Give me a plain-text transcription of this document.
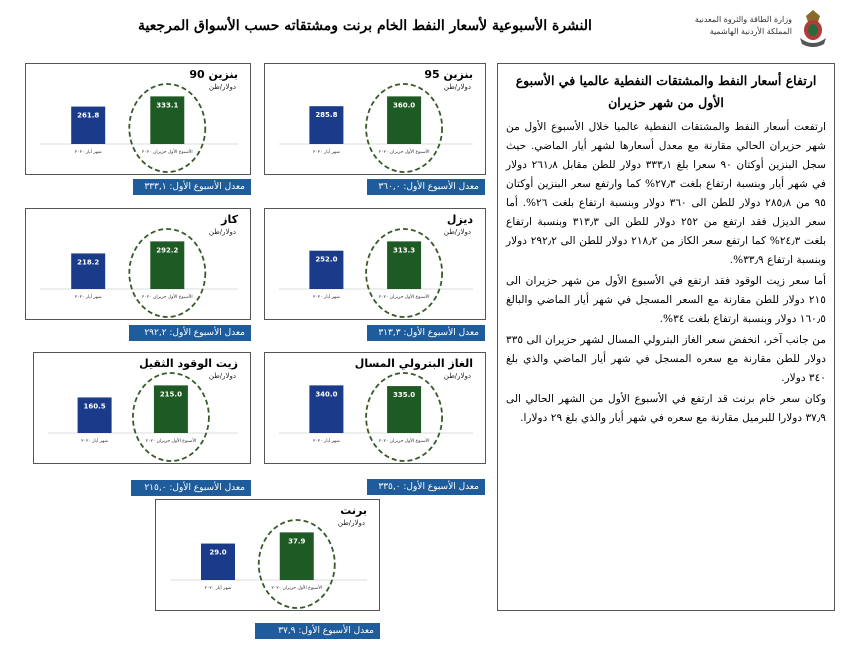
النشرة الأسبوعية لأسعار النفط الخام برنت ومشتقاته حسب الأسواق المرجعية	وزارة الطاقة والثروة المعدنية
المملكة الأردنية الهاشمية
بنزين 95
دولار/طن
285.8
شهر أيار ٢٠٢٠
360.0
الأسبوع الأول حزيران ٢٠٢٠
معدل الأسبوع الأول: ٣٦٠,٠
بنزين 90
دولار/طن
261.8
شهر أيار ٢٠٢٠
333.1
الأسبوع الأول حزيران ٢٠٢٠
معدل الأسبوع الأول: ٣٣٣,١
ديزل
دولار/طن
252.0
شهر أيار ٢٠٢٠
313.3
الأسبوع الأول حزيران ٢٠٢٠
معدل الأسبوع الأول: ٣١٣,٣
كاز
دولار/طن
218.2
شهر أيار ٢٠٢٠
292.2
الأسبوع الأول حزيران ٢٠٢٠
معدل الأسبوع الأول: ٢٩٢,٢
الغاز البترولي المسال
دولار/طن
340.0
شهر أيار ٢٠٢٠
335.0
الأسبوع الأول حزيران ٢٠٢٠
معدل الأسبوع الأول: ٣٣٥,٠
زيت الوقود الثقيل
دولار/طن
160.5
شهر أيار ٢٠٢٠
215.0
الأسبوع الأول حزيران ٢٠٢٠
معدل الأسبوع الأول: ٢١٥,٠
برنت
دولار/طن
29.0
شهر أيار ٢٠٢٠
37.9
الأسبوع الأول حزيران ٢٠٢٠
معدل الأسبوع الأول: ٣٧,٩
ارتفاع أسعار النفط والمشتقات النفطية عالميا في الأسبوع الأول من شهر حزيران

ارتفعت أسعار النفط والمشتقات النفطية عالميا خلال الأسبوع الأول من شهر حزيران الحالي مقارنة مع معدل أسعارها لشهر أيار الماضي. حيث سجل البنزين أوكتان ٩٠ سعرا بلغ ٣٣٣٫١ دولار للطن مقابل ٢٦١٫٨ دولار في شهر أيار وبنسبة ارتفاع بلغت ٢٧٫٣% كما وارتفع سعر البنزين أوكتان ٩٥ من ٢٨٥٫٨ دولار للطن الى ٣٦٠ دولار وبنسبة ارتفاع بلغت ٢٦%. أما سعر الديزل فقد ارتفع من ٢٥٢ دولار للطن الى ٣١٣٫٣ وبنسبة ارتفاع بلغت ٢٤٫٣% كما ارتفع سعر الكاز من ٢١٨٫٢ دولار للطن الى ٢٩٢٫٢ دولار وبنسبة ارتفاع ٣٣٫٩%.

أما سعر زيت الوقود فقد ارتفع في الأسبوع الأول من شهر حزيران الى ٢١٥ دولار للطن مقارنة مع السعر المسجل في شهر أيار الماضي والبالغ ١٦٠٫٥ دولار وبنسبة ارتفاع بلغت ٣٤%.

من جانب آخر، انخفض سعر الغاز البترولي المسال لشهر حزيران الى ٣٣٥ دولار للطن مقارنة مع سعره المسجل في شهر أيار الماضي والذي بلغ ٣٤٠ دولار.

وكان سعر خام برنت قد ارتفع في الأسبوع الأول من الشهر الحالي الى ٣٧٫٩ دولارا للبرميل مقارنة مع سعره في شهر أيار والذي بلغ ٢٩ دولارا.
